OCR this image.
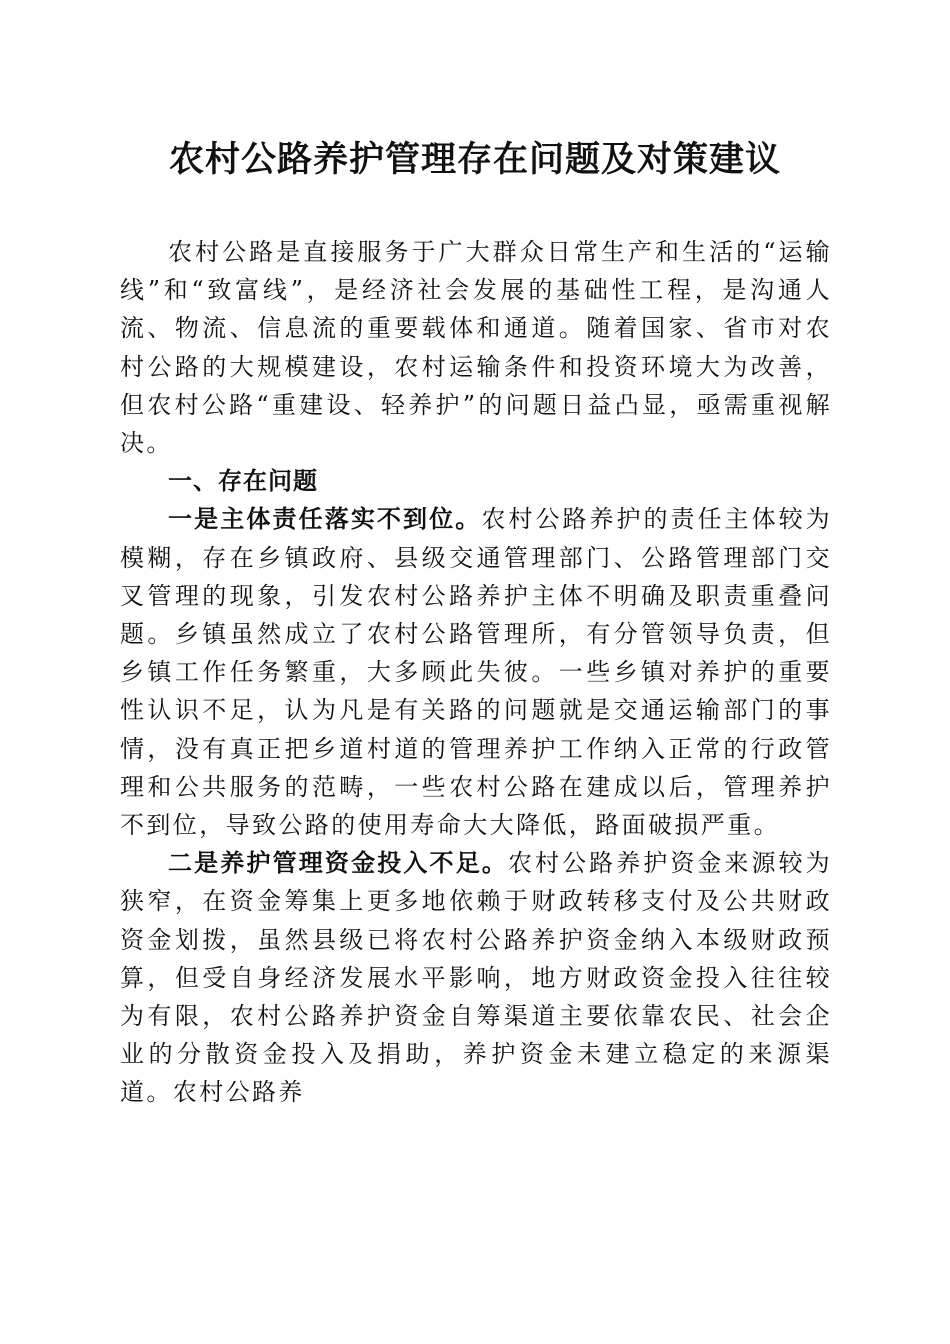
农村公路养护管理存在问题及对策建议

农村公路是直接服务于广大群众日常生产和生活的“运输线”和“致富线”，是经济社会发展的基础性工程，是沟通人流、物流、信息流的重要载体和通道。随着国家、省市对农村公路的大规模建设，农村运输条件和投资环境大为改善，但农村公路“重建设、轻养护”的问题日益凸显，亟需重视解决。

一、存在问题

一是主体责任落实不到位。农村公路养护的责任主体较为模糊，存在乡镇政府、县级交通管理部门、公路管理部门交叉管理的现象，引发农村公路养护主体不明确及职责重叠问题。乡镇虽然成立了农村公路管理所，有分管领导负责，但乡镇工作任务繁重，大多顾此失彼。一些乡镇对养护的重要性认识不足，认为凡是有关路的问题就是交通运输部门的事情，没有真正把乡道村道的管理养护工作纳入正常的行政管理和公共服务的范畴，一些农村公路在建成以后，管理养护不到位，导致公路的使用寿命大大降低，路面破损严重。

二是养护管理资金投入不足。农村公路养护资金来源较为狭窄，在资金筹集上更多地依赖于财政转移支付及公共财政资金划拨，虽然县级已将农村公路养护资金纳入本级财政预算，但受自身经济发展水平影响，地方财政资金投入往往较为有限，农村公路养护资金自筹渠道主要依靠农民、社会企业的分散资金投入及捐助，养护资金未建立稳定的来源渠道。农村公路养
